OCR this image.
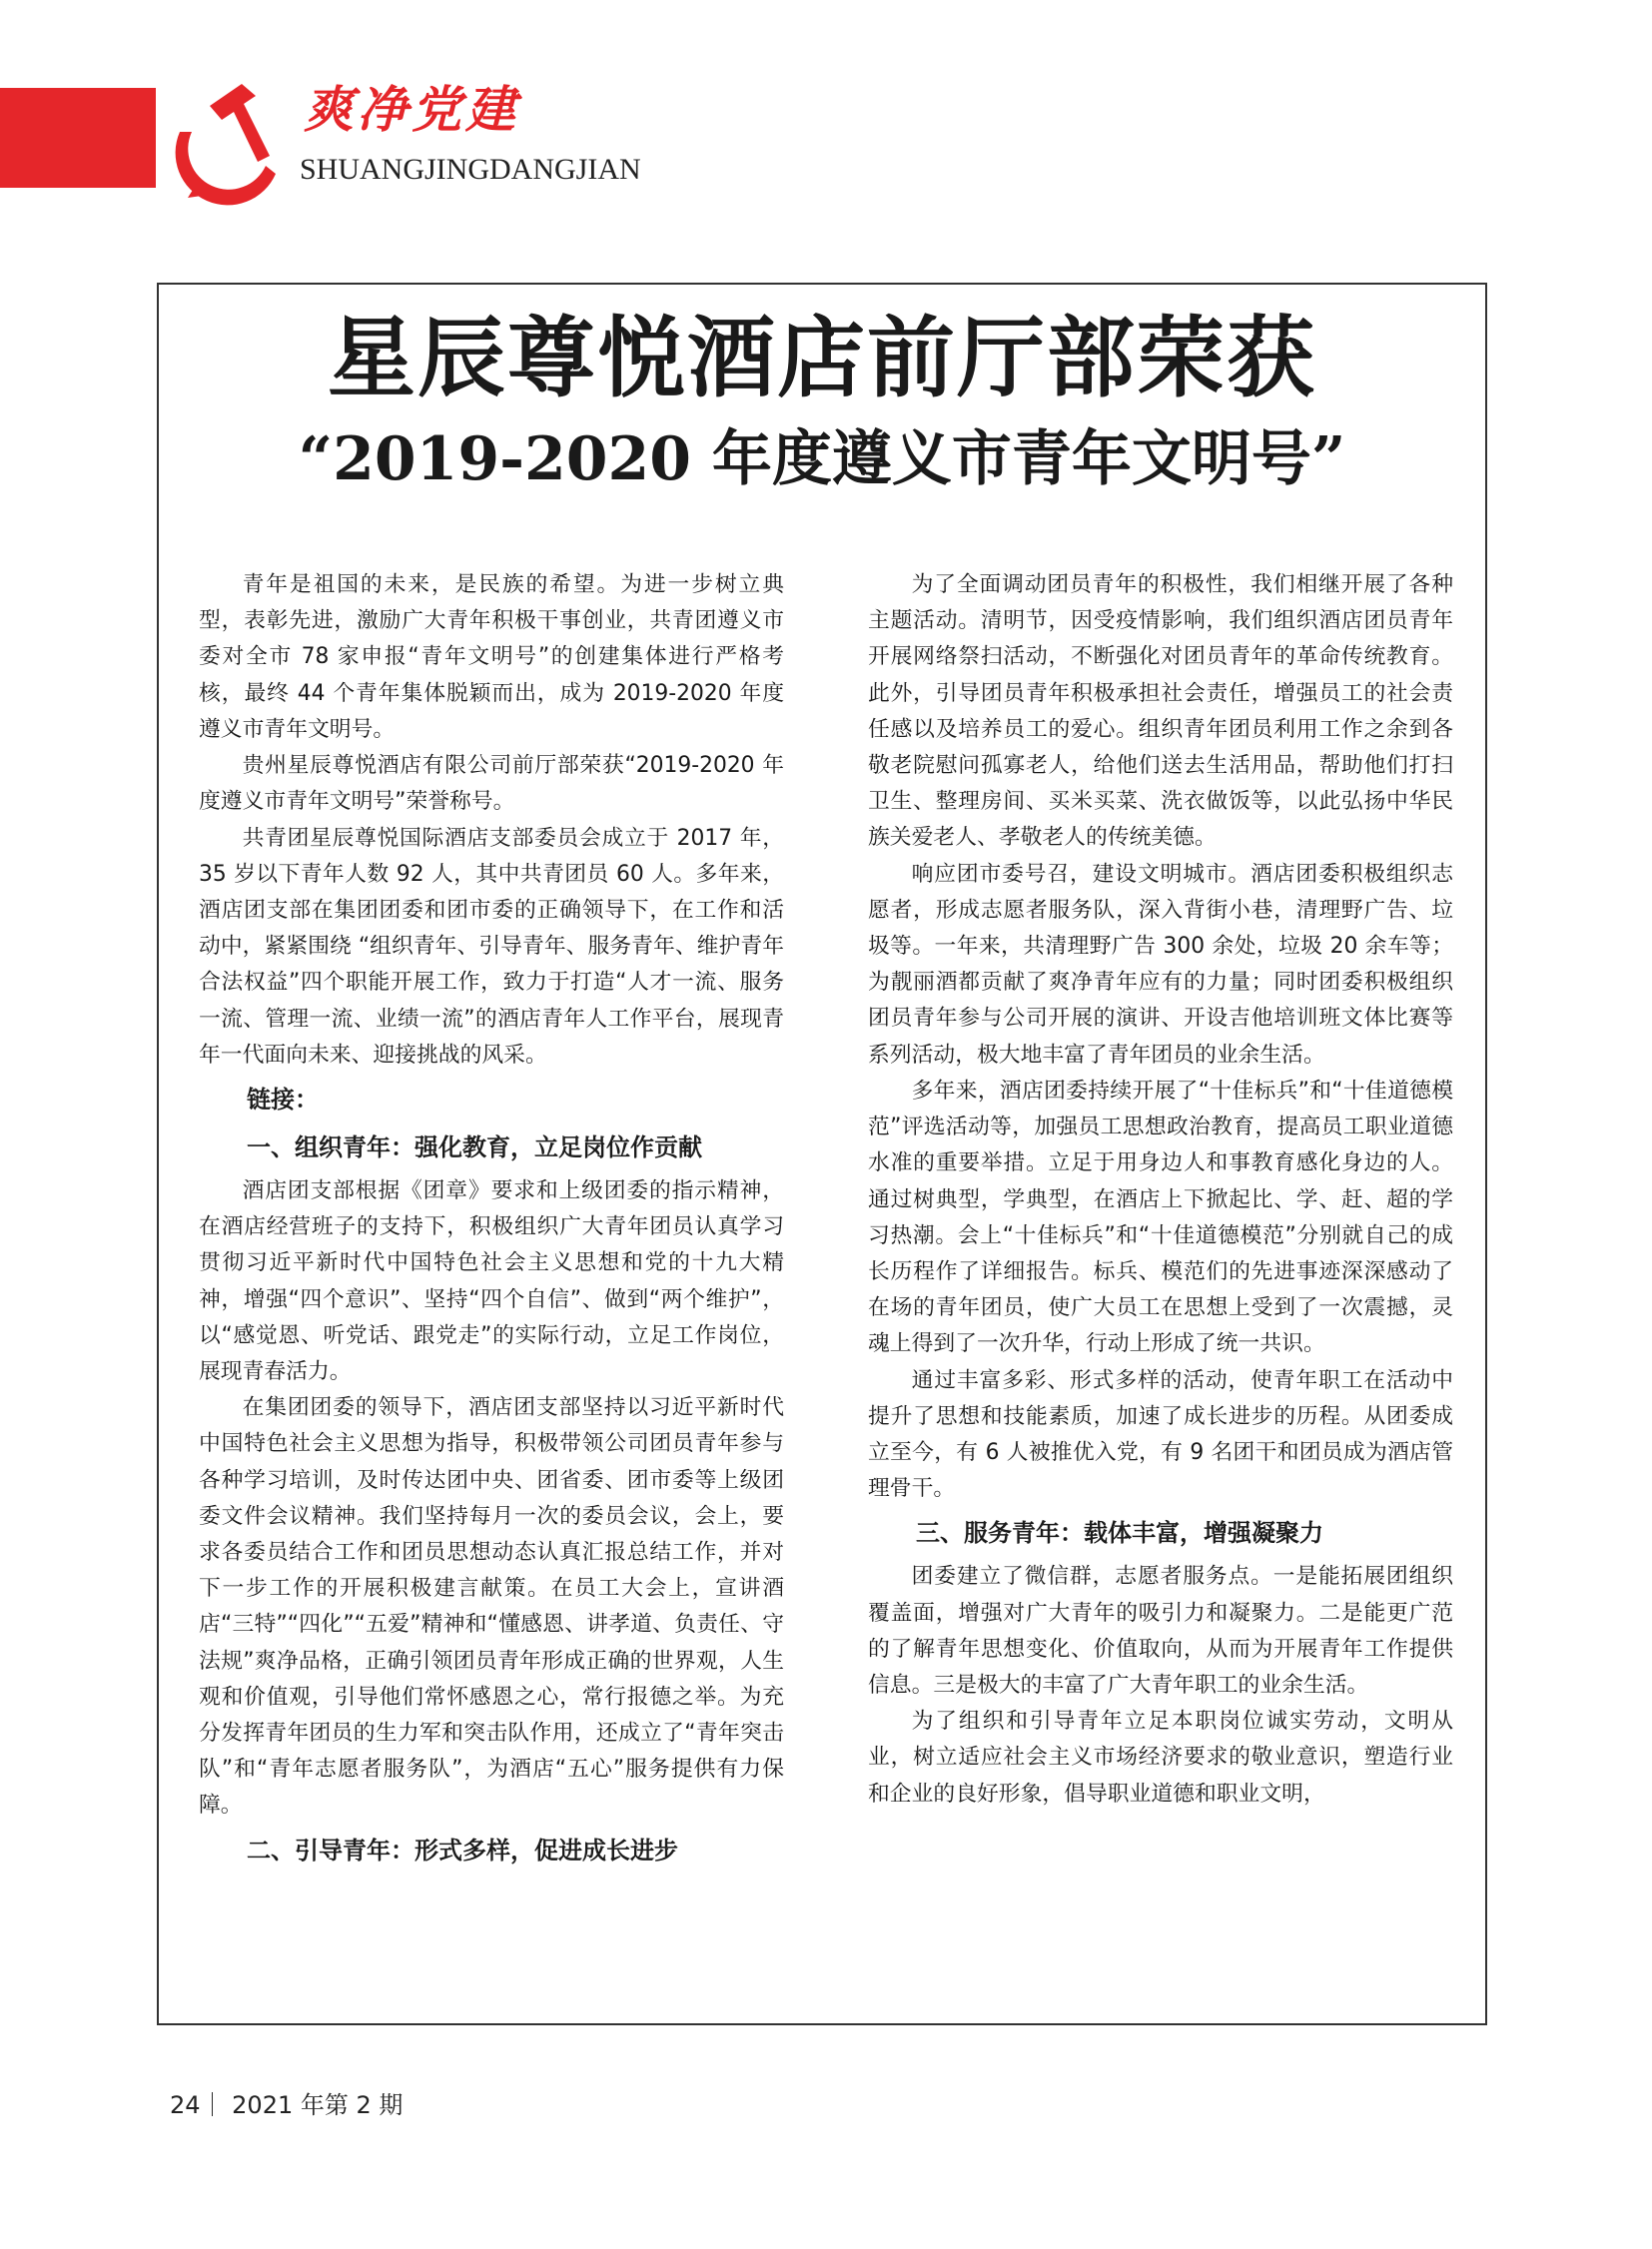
爽净党建
SHUANGJINGDANGJIAN
星辰尊悦酒店前厅部荣获
“2019-2020 年度遵义市青年文明号”

青年是祖国的未来，是民族的希望。为进一步树立典型，表彰先进，激励广大青年积极干事创业，共青团遵义市委对全市 78 家申报“青年文明号”的创建集体进行严格考核，最终 44 个青年集体脱颖而出，成为 2019-2020 年度遵义市青年文明号。

贵州星辰尊悦酒店有限公司前厅部荣获“2019-2020 年度遵义市青年文明号”荣誉称号。

共青团星辰尊悦国际酒店支部委员会成立于 2017 年，35 岁以下青年人数 92 人，其中共青团员 60 人。多年来，酒店团支部在集团团委和团市委的正确领导下，在工作和活动中，紧紧围绕 “组织青年、引导青年、服务青年、维护青年合法权益”四个职能开展工作，致力于打造“人才一流、服务一流、管理一流、业绩一流”的酒店青年人工作平台，展现青年一代面向未来、迎接挑战的风采。

链接：
一、组织青年：强化教育，立足岗位作贡献

酒店团支部根据《团章》要求和上级团委的指示精神，在酒店经营班子的支持下，积极组织广大青年团员认真学习贯彻习近平新时代中国特色社会主义思想和党的十九大精神，增强“四个意识”、坚持“四个自信”、做到“两个维护”，以“感觉恩、听党话、跟党走”的实际行动，立足工作岗位，展现青春活力。

在集团团委的领导下，酒店团支部坚持以习近平新时代中国特色社会主义思想为指导，积极带领公司团员青年参与各种学习培训，及时传达团中央、团省委、团市委等上级团委文件会议精神。我们坚持每月一次的委员会议，会上，要求各委员结合工作和团员思想动态认真汇报总结工作，并对下一步工作的开展积极建言献策。在员工大会上，宣讲酒店“三特”“四化”“五爱”精神和“懂感恩、讲孝道、负责任、守法规”爽净品格，正确引领团员青年形成正确的世界观，人生观和价值观，引导他们常怀感恩之心，常行报德之举。为充分发挥青年团员的生力军和突击队作用，还成立了“青年突击队”和“青年志愿者服务队”，为酒店“五心”服务提供有力保障。

二、引导青年：形式多样，促进成长进步

为了全面调动团员青年的积极性，我们相继开展了各种主题活动。清明节，因受疫情影响，我们组织酒店团员青年开展网络祭扫活动，不断强化对团员青年的革命传统教育。此外，引导团员青年积极承担社会责任，增强员工的社会责任感以及培养员工的爱心。组织青年团员利用工作之余到各敬老院慰问孤寡老人，给他们送去生活用品，帮助他们打扫卫生、整理房间、买米买菜、洗衣做饭等，以此弘扬中华民族关爱老人、孝敬老人的传统美德。

响应团市委号召，建设文明城市。酒店团委积极组织志愿者，形成志愿者服务队，深入背街小巷，清理野广告、垃圾等。一年来，共清理野广告 300 余处，垃圾 20 余车等；为靓丽酒都贡献了爽净青年应有的力量；同时团委积极组织团员青年参与公司开展的演讲、开设吉他培训班文体比赛等系列活动，极大地丰富了青年团员的业余生活。

多年来，酒店团委持续开展了“十佳标兵”和“十佳道德模范”评选活动等，加强员工思想政治教育，提高员工职业道德水准的重要举措。立足于用身边人和事教育感化身边的人。通过树典型，学典型，在酒店上下掀起比、学、赶、超的学习热潮。会上“十佳标兵”和“十佳道德模范”分别就自己的成长历程作了详细报告。标兵、模范们的先进事迹深深感动了在场的青年团员，使广大员工在思想上受到了一次震撼，灵魂上得到了一次升华，行动上形成了统一共识。

通过丰富多彩、形式多样的活动，使青年职工在活动中提升了思想和技能素质，加速了成长进步的历程。从团委成立至今，有 6 人被推优入党，有 9 名团干和团员成为酒店管理骨干。

三、服务青年：载体丰富，增强凝聚力

团委建立了微信群，志愿者服务点。一是能拓展团组织覆盖面，增强对广大青年的吸引力和凝聚力。二是能更广范的了解青年思想变化、价值取向，从而为开展青年工作提供信息。三是极大的丰富了广大青年职工的业余生活。

为了组织和引导青年立足本职岗位诚实劳动，文明从业，树立适应社会主义市场经济要求的敬业意识，塑造行业和企业的良好形象，倡导职业道德和职业文明，

24｜ 2021 年第 2 期
